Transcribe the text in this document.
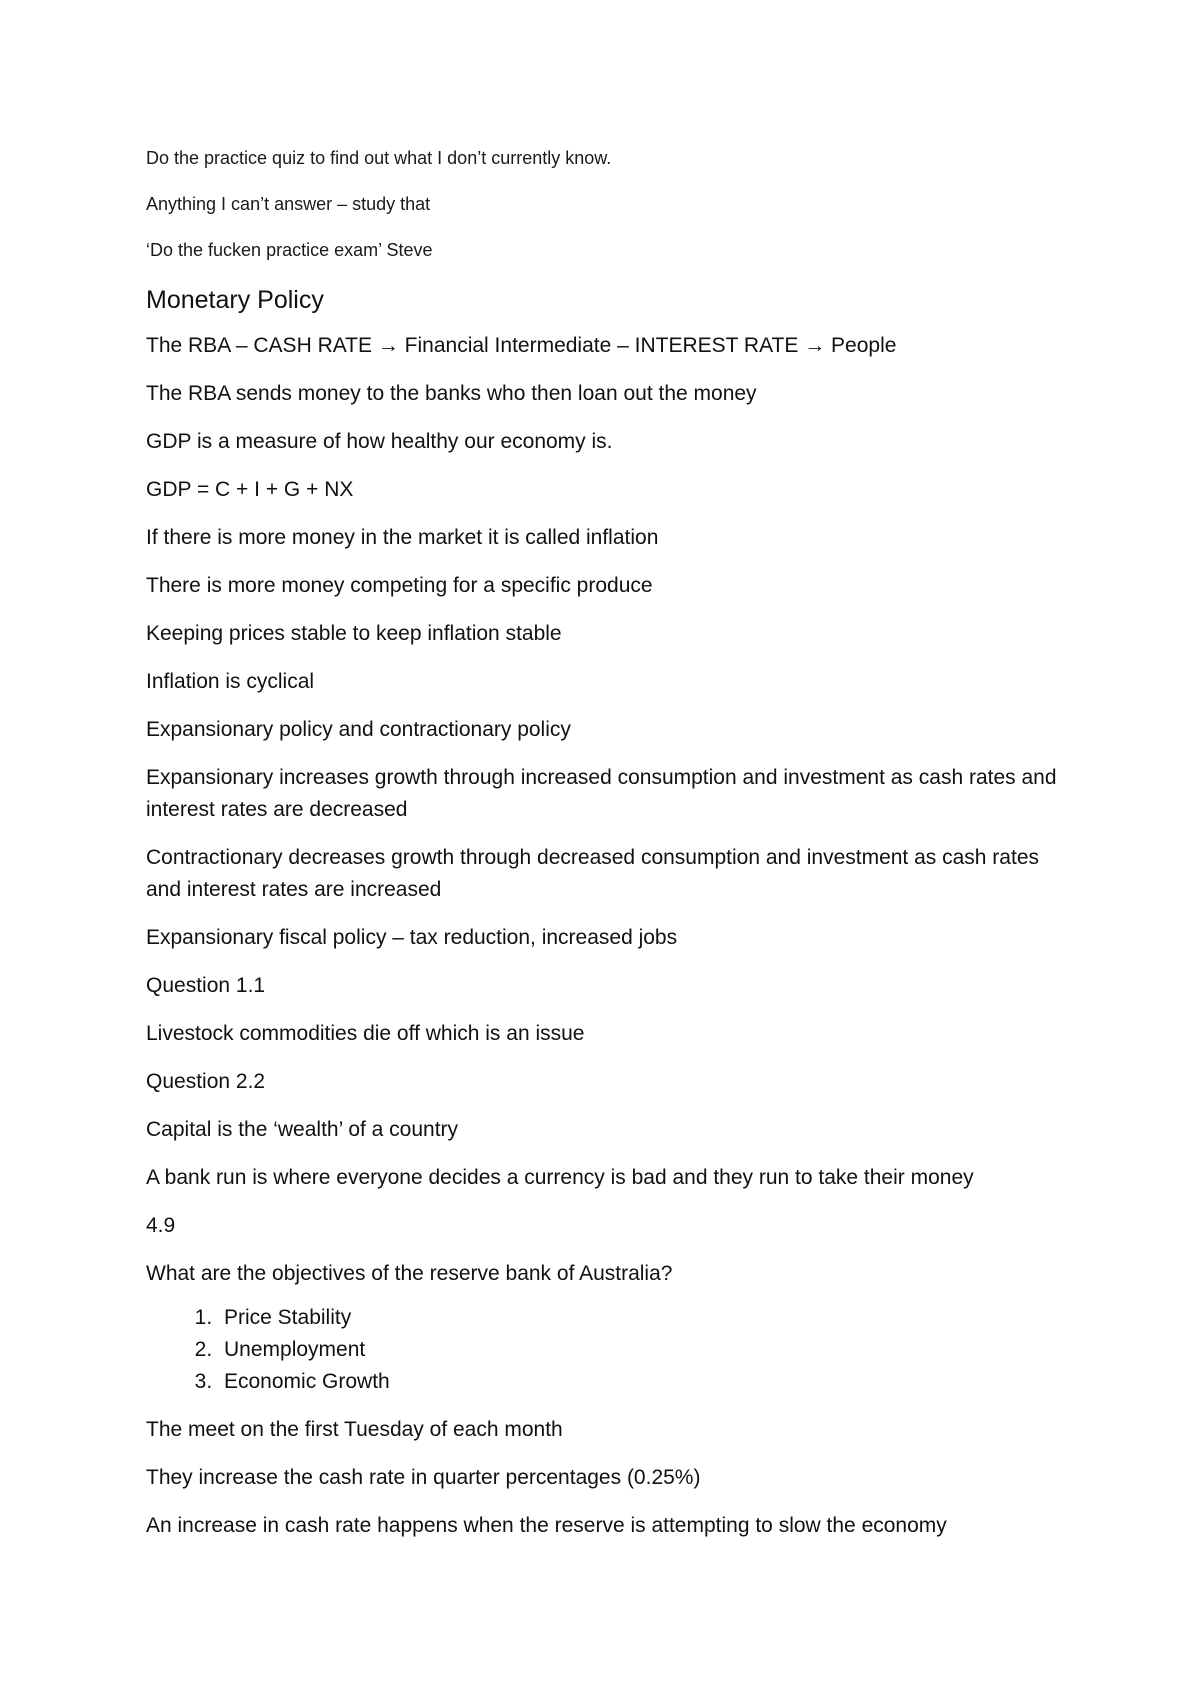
Do the practice quiz to find out what I don’t currently know.

Anything I can’t answer – study that

‘Do the fucken practice exam’ Steve

Monetary Policy

The RBA – CASH RATE → Financial Intermediate – INTEREST RATE → People

The RBA sends money to the banks who then loan out the money

GDP is a measure of how healthy our economy is.

GDP = C + I + G + NX

If there is more money in the market it is called inflation

There is more money competing for a specific produce

Keeping prices stable to keep inflation stable

Inflation is cyclical

Expansionary policy and contractionary policy

Expansionary increases growth through increased consumption and investment as cash rates and interest rates are decreased

Contractionary decreases growth through decreased consumption and investment as cash rates and interest rates are increased

Expansionary fiscal policy – tax reduction, increased jobs

Question 1.1

Livestock commodities die off which is an issue

Question 2.2

Capital is the ‘wealth’ of a country

A bank run is where everyone decides a currency is bad and they run to take their money

4.9

What are the objectives of the reserve bank of Australia?

1. Price Stability
2. Unemployment
3. Economic Growth

The meet on the first Tuesday of each month

They increase the cash rate in quarter percentages (0.25%)

An increase in cash rate happens when the reserve is attempting to slow the economy
